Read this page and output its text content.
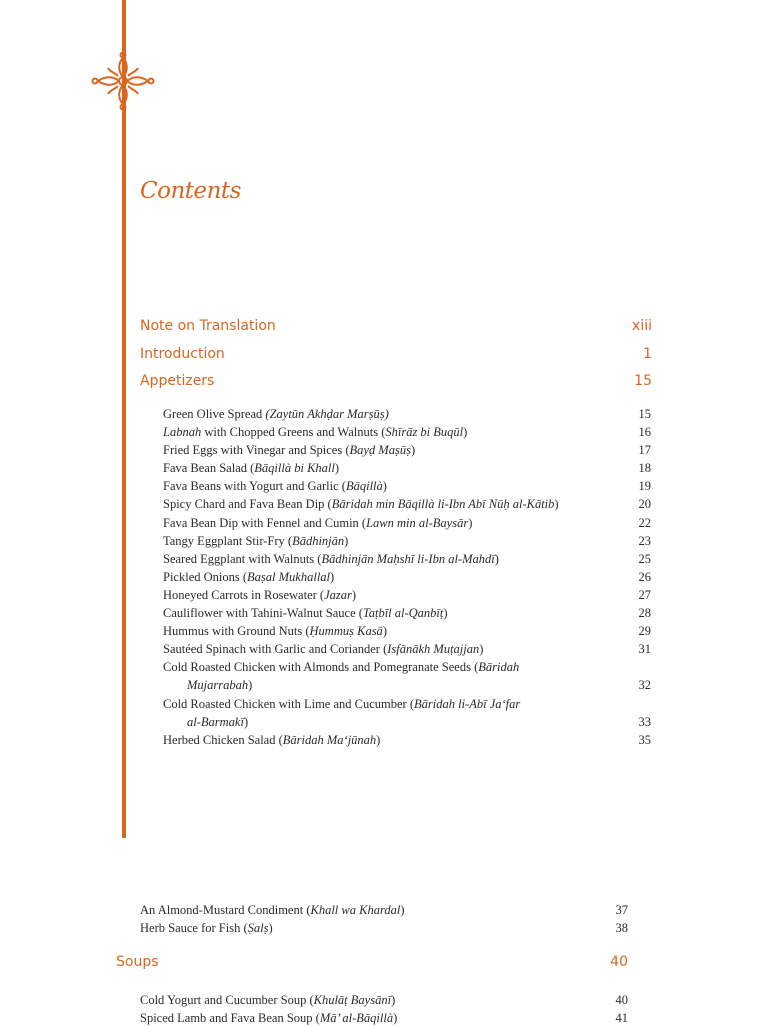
Contents
Note on Translation	xiii
Introduction	1
Appetizers	15
Green Olive Spread (Zaytūn Akhḍar Marṣūṣ)	15
Labnah with Chopped Greens and Walnuts (Shīrāz bi Buqūl)	16
Fried Eggs with Vinegar and Spices (Bayḍ Maṣūṣ)	17
Fava Bean Salad (Bāqillà bi Khall)	18
Fava Beans with Yogurt and Garlic (Bāqillà)	19
Spicy Chard and Fava Bean Dip (Bāridah min Bāqillà li-Ibn Abī Nūḥ al-Kātib)	20
Fava Bean Dip with Fennel and Cumin (Lawn min al-Baysār)	22
Tangy Eggplant Stir-Fry (Bādhinjān)	23
Seared Eggplant with Walnuts (Bādhinjān Maḥshī li-Ibn al-Mahdī)	25
Pickled Onions (Baṣal Mukhallal)	26
Honeyed Carrots in Rosewater (Jazar)	27
Cauliflower with Tahini-Walnut Sauce (Taṭbīl al-Qanbīṭ)	28
Hummus with Ground Nuts (Ḥummuṣ Kasā)	29
Sautéed Spinach with Garlic and Coriander (Isfānākh Muṭajjan)	31
Cold Roasted Chicken with Almonds and Pomegranate Seeds (Bāridah
Mujarrabah)	32
Cold Roasted Chicken with Lime and Cucumber (Bāridah li-Abī Ja‘far
al-Barmakī)	33
Herbed Chicken Salad (Bāridah Ma‘jūnah)	35
An Almond-Mustard Condiment (Khall wa Khardal)	37
Herb Sauce for Fish (Ṣalṣ)	38
Soups	40
Cold Yogurt and Cucumber Soup (Khulāṭ Baysānī)	40
Spiced Lamb and Fava Bean Soup (Mā’ al-Bāqillà)	41
